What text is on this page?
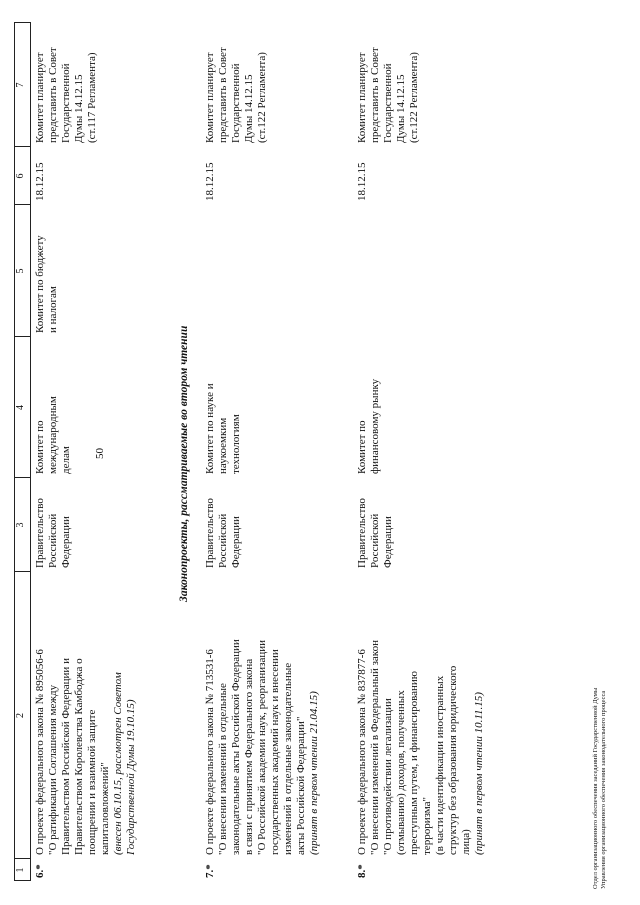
50
1
2
3
4
5
6
7
6.*
О проекте федерального закона № 895056-6
"О ратификации Соглашения между
Правительством Российской Федерации и
Правительством Королевства Камбоджа о
поощрении и взаимной защите
капиталовложений" (внесен 06.10.15, рассмотрен Советом
Государственной Думы 19.10.15)
Правительство
Российской
Федерации
Комитет по
международным
делам
Комитет по бюджету
и налогам
18.12.15
Комитет планирует
представить в Совет
Государственной
Думы 14.12.15
(ст.117 Регламента)
Законопроекты, рассматриваемые во втором чтении
7.*
О проекте федерального закона № 713531-6
"О внесении изменений в отдельные
законодательные акты Российской Федерации
в связи с принятием Федерального закона
"О Российской академии наук, реорганизации
государственных академий наук и внесении
изменений в отдельные законодательные
акты Российской Федерации" (принят в первом чтении 21.04.15)
Правительство
Российской
Федерации
Комитет по науке и
наукоемким
технологиям
18.12.15
Комитет планирует
представить в Совет
Государственной
Думы 14.12.15
(ст.122 Регламента)
8.*
О проекте федерального закона № 837877-6
"О внесении изменений в Федеральный закон
"О противодействии легализации
(отмыванию) доходов, полученных
преступным путем, и финансированию
терроризма"
(в части идентификации иностранных
структур без образования юридического
лица) (принят в первом чтении 10.11.15)
Правительство
Российской
Федерации
Комитет по
финансовому рынку
18.12.15
Комитет планирует
представить в Совет
Государственной
Думы 14.12.15
(ст.122 Регламента)
Отдел организационного обеспечения заседаний Государственной Думы Управления организационного обеспечения законодательного процесса
